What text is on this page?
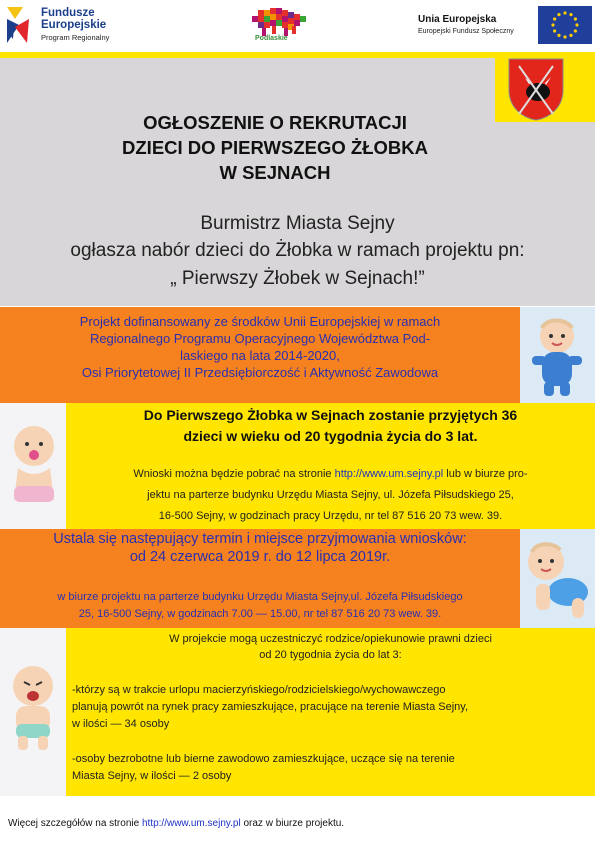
Fundusze
Europejskie
Program Regionalny	Podlaskie
Unia Europejska
Europejski Fundusz Społeczny
OGŁOSZENIE O REKRUTACJI
DZIECI DO PIERWSZEGO ŻŁOBKA
W SEJNACH
Burmistrz Miasta Sejny
ogłasza nabór dzieci do Żłobka w ramach projektu pn:
„ Pierwszy Żłobek w Sejnach!”
Projekt dofinansowany ze środków Unii Europejskiej w ramach
Regionalnego Programu Operacyjnego Województwa Pod-
laskiego na lata 2014-2020,
Osi Priorytetowej II Przedsiębiorczość i Aktywność Zawodowa
Do Pierwszego Żłobka w Sejnach zostanie przyjętych 36
dzieci w wieku od 20 tygodnia życia do 3 lat.
Wnioski można będzie pobrać na stronie http://www.um.sejny.pl lub w biurze pro-
jektu na parterze budynku Urzędu Miasta Sejny, ul. Józefa Piłsudskiego 25,
16-500 Sejny, w godzinach pracy Urzędu, nr tel 87 516 20 73 wew. 39.
Ustala się następujący termin i miejsce przyjmowania wniosków:
od 24 czerwca 2019 r. do 12 lipca 2019r.
w biurze projektu na parterze budynku Urzędu Miasta Sejny,ul. Józefa Piłsudskiego
25, 16-500 Sejny, w godzinach 7.00 — 15.00, nr tel 87 516 20 73 wew. 39.
W projekcie mogą uczestniczyć rodzice/opiekunowie prawni dzieci
od 20 tygodnia życia do lat 3:
-którzy są w trakcie urlopu macierzyńskiego/rodzicielskiego/wychowawczego
planują powrót na rynek pracy zamieszkujące, pracujące na terenie Miasta Sejny,
w ilości — 34 osoby
-osoby bezrobotne lub bierne zawodowo zamieszkujące, uczące się na terenie
Miasta Sejny, w ilości — 2 osoby
Więcej szczegółów na stronie http://www.um.sejny.pl oraz w biurze projektu.
